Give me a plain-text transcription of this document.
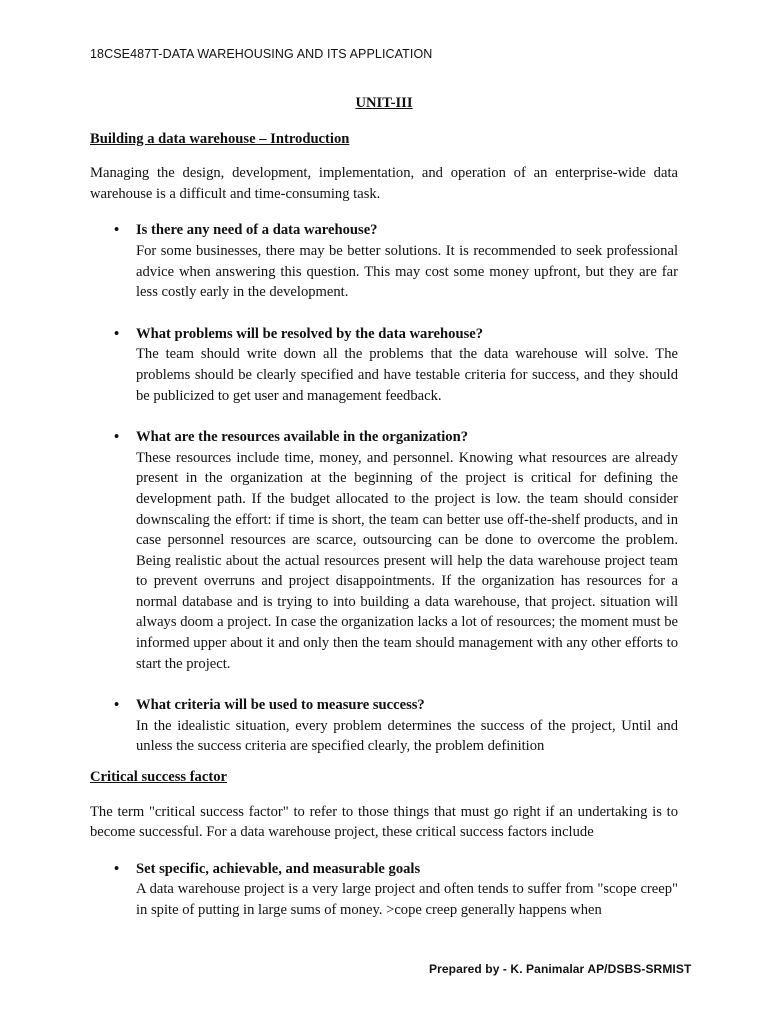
18CSE487T-DATA WAREHOUSING AND ITS APPLICATION
UNIT-III
Building a data warehouse – Introduction

Managing the design, development, implementation, and operation of an enterprise-wide data warehouse is a difficult and time-consuming task.

• Is there any need of a data warehouse?
For some businesses, there may be better solutions. It is recommended to seek professional advice when answering this question. This may cost some money upfront, but they are far less costly early in the development.
• What problems will be resolved by the data warehouse?
The team should write down all the problems that the data warehouse will solve. The problems should be clearly specified and have testable criteria for success, and they should be publicized to get user and management feedback.
• What are the resources available in the organization?
These resources include time, money, and personnel. Knowing what resources are already present in the organization at the beginning of the project is critical for defining the development path. If the budget allocated to the project is low. the team should consider downscaling the effort: if time is short, the team can better use off-the-shelf products, and in case personnel resources are scarce, outsourcing can be done to overcome the problem. Being realistic about the actual resources present will help the data warehouse project team to prevent overruns and project disappointments. If the organization has resources for a normal database and is trying to into building a data warehouse, that project. situation will always doom a project. In case the organization lacks a lot of resources; the moment must be informed upper about it and only then the team should management with any other efforts to start the project.
• What criteria will be used to measure success?
In the idealistic situation, every problem determines the success of the project, Until and unless the success criteria are specified clearly, the problem definition
Critical success factor

The term "critical success factor" to refer to those things that must go right if an undertaking is to become successful. For a data warehouse project, these critical success factors include

• Set specific, achievable, and measurable goals
A data warehouse project is a very large project and often tends to suffer from "scope creep" in spite of putting in large sums of money. >cope creep generally happens when
Prepared by - K. Panimalar AP/DSBS-SRMIST
